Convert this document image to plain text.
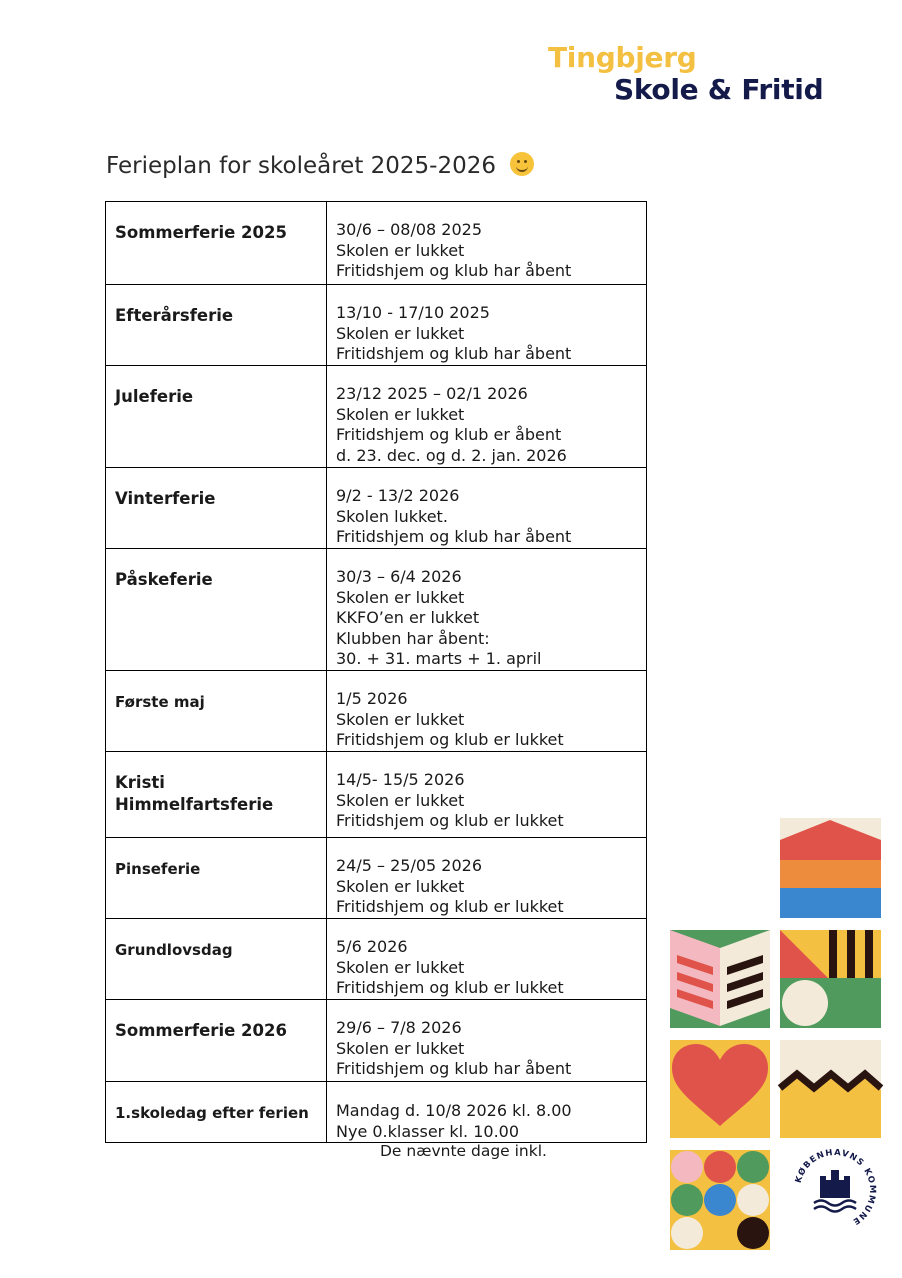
Tingbjerg
Skole & Fritid
Ferieplan for skoleåret 2025-2026
Sommerferie 2025	30/6 – 08/08 2025
Skolen er lukket
Fritidshjem og klub har åbent

Efterårsferie	13/10 - 17/10 2025
Skolen er lukket
Fritidshjem og klub har åbent

Juleferie	23/12 2025 – 02/1 2026
Skolen er lukket
Fritidshjem og klub er åbent
d. 23. dec. og d. 2. jan. 2026

Vinterferie	9/2 - 13/2 2026
Skolen lukket.
Fritidshjem og klub har åbent

Påskeferie	30/3 – 6/4 2026
Skolen er lukket
KKFO’en er lukket
Klubben har åbent:
30. + 31. marts + 1. april

Første maj	1/5 2026
Skolen er lukket
Fritidshjem og klub er lukket

Kristi Himmelfartsferie	14/5- 15/5 2026
Skolen er lukket
Fritidshjem og klub er lukket

Pinseferie	24/5 – 25/05 2026
Skolen er lukket
Fritidshjem og klub er lukket

Grundlovsdag	5/6 2026
Skolen er lukket
Fritidshjem og klub er lukket

Sommerferie 2026	29/6 – 7/8 2026
Skolen er lukket
Fritidshjem og klub har åbent

1.skoledag efter ferien	Mandag d. 10/8 2026 kl. 8.00
Nye 0.klasser kl. 10.00
De nævnte dage inkl.
KØBENHAVNS KOMMUNE
